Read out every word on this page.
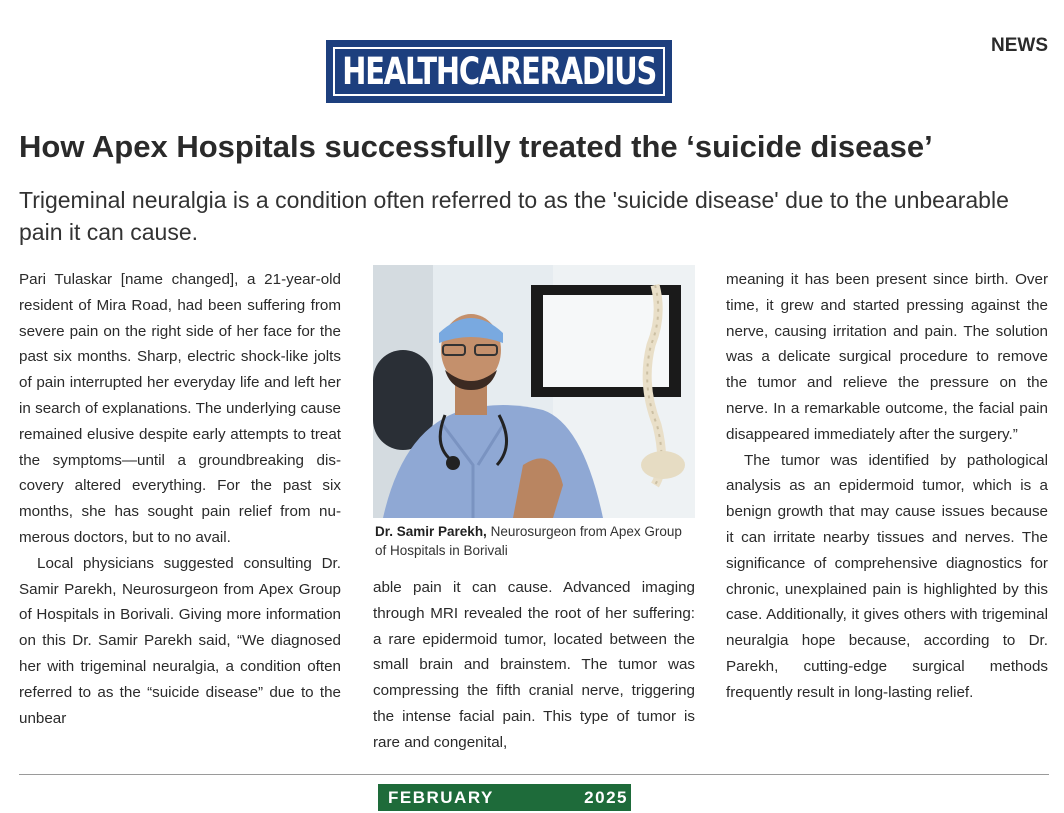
HEALTHCARERADIUS
NEWS
How Apex Hospitals successfully treated the ‘suicide disease’

Trigeminal neuralgia is a condition often referred to as the 'suicide disease' due to the unbearable pain it can cause.

Pari Tulaskar [name changed], a 21-year-old resident of Mira Road, had been suffering from severe pain on the right side of her face for the past six months. Sharp, electric shock-like jolts of pain interrupted her everyday life and left her in search of explanations. The underlying cause remained elusive despite early attempts to treat the symptoms—until a groundbreaking discovery altered everything. For the past six months, she has sought pain relief from numerous doctors, but to no avail.

Local physicians suggested consulting Dr. Samir Parekh, Neurosurgeon from Apex Group of Hospitals in Borivali. Giving more information on this Dr. Samir Parekh said, “We diagnosed her with trigeminal neuralgia, a condition often referred to as the “suicide disease” due to the unbear

Dr. Samir Parekh, Neurosurgeon from Apex Group of Hospitals in Borivali

able pain it can cause. Advanced imaging through MRI revealed the root of her suffering: a rare epidermoid tumor, located between the small brain and brainstem. The tumor was compressing the fifth cranial nerve, triggering the intense facial pain. This type of tumor is rare and congenital,

meaning it has been present since birth. Over time, it grew and started pressing against the nerve, causing irritation and pain. The solution was a delicate surgical procedure to remove the tumor and relieve the pressure on the nerve. In a remarkable outcome, the facial pain disappeared immediately after the surgery.”

The tumor was identified by pathological analysis as an epidermoid tumor, which is a benign growth that may cause issues because it can irritate nearby tissues and nerves. The significance of comprehensive diagnostics for chronic, unexplained pain is highlighted by this case. Additionally, it gives others with trigeminal neuralgia hope because, according to Dr. Parekh, cutting-edge surgical methods frequently result in long-lasting relief.

FEBRUARY	2025
